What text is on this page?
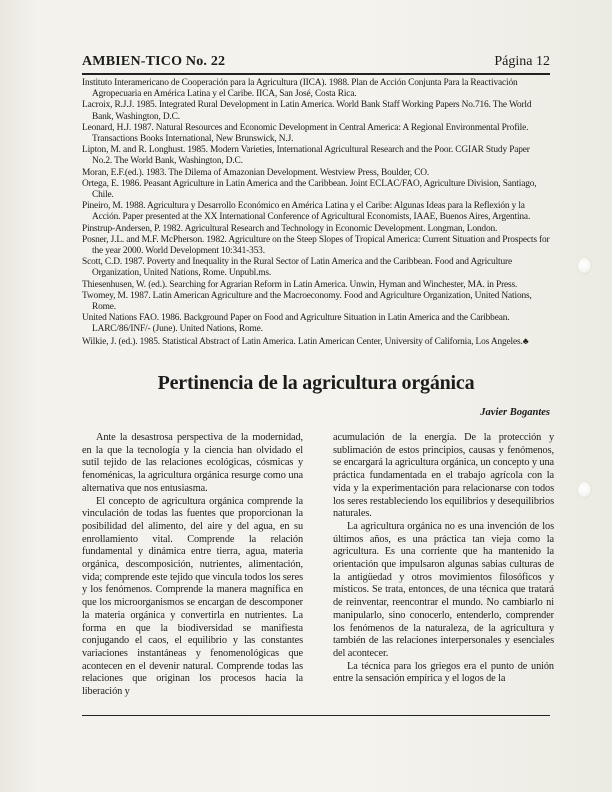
AMBIEN-TICO No. 22	Página 12

Instituto Interamericano de Cooperación para la Agricultura (IICA). 1988. Plan de Acción Conjunta Para la Reactivación Agropecuaria en América Latina y el Caribe. IICA, San José, Costa Rica.

Lacroix, R.J.J. 1985. Integrated Rural Development in Latin America. World Bank Staff Working Papers No.716. The World Bank, Washington, D.C.

Leonard, H.J. 1987. Natural Resources and Economic Development in Central America: A Regional Environmental Profile. Transactions Books International, New Brunswick, N.J.

Lipton, M. and R. Longhust. 1985. Modern Varieties, International Agricultural Research and the Poor. CGIAR Study Paper No.2. The World Bank, Washington, D.C.

Moran, E.F.(ed.). 1983. The Dilema of Amazonian Development. Westview Press, Boulder, CO.

Ortega, E. 1986. Peasant Agriculture in Latin America and the Caribbean. Joint ECLAC/FAO, Agriculture Division, Santiago, Chile.

Pineiro, M. 1988. Agricultura y Desarrollo Económico en América Latina y el Caribe: Algunas Ideas para la Reflexión y la Acción. Paper presented at the XX International Conference of Agricultural Economists, IAAE, Buenos Aires, Argentina.

Pinstrup-Andersen, P. 1982. Agricultural Research and Technology in Economic Development. Longman, London.

Posner, J.L. and M.F. McPherson. 1982. Agriculture on the Steep Slopes of Tropical America: Current Situation and Prospects for the year 2000. World Development 10:341-353.

Scott, C.D. 1987. Poverty and Inequality in the Rural Sector of Latin America and the Caribbean. Food and Agriculture Organization, United Nations, Rome. Unpubl.ms.

Thiesenhusen, W. (ed.). Searching for Agrarian Reform in Latin America. Unwin, Hyman and Winchester, MA. in Press.

Twomey, M. 1987. Latin American Agriculture and the Macroeconomy. Food and Agriculture Organization, United Nations, Rome.

United Nations FAO. 1986. Background Paper on Food and Agriculture Situation in Latin America and the Caribbean. LARC/86/INF/- (June). United Nations, Rome.

Wilkie, J. (ed.). 1985. Statistical Abstract of Latin America. Latin American Center, University of California, Los Angeles.♣

Pertinencia de la agricultura orgánica
Javier Bogantes

Ante la desastrosa perspectiva de la modernidad, en la que la tecnología y la ciencia han olvidado el sutil tejido de las relaciones ecológicas, cósmicas y fenoménicas, la agricultura orgánica resurge como una alternativa que nos entusiasma.

El concepto de agricultura orgánica comprende la vinculación de todas las fuentes que proporcionan la posibilidad del alimento, del aire y del agua, en su enrollamiento vital. Comprende la relación fundamental y dinámica entre tierra, agua, materia orgánica, descomposición, nutrientes, alimentación, vida; comprende este tejido que vincula todos los seres y los fenómenos. Comprende la manera magnífica en que los microorganismos se encargan de descomponer la materia orgánica y convertirla en nutrientes. La forma en que la biodiversidad se manifiesta conjugando el caos, el equilibrio y las constantes variaciones instantáneas y fenomenológicas que acontecen en el devenir natural. Comprende todas las relaciones que originan los procesos hacia la liberación y

acumulación de la energía. De la protección y sublimación de estos principios, causas y fenómenos, se encargará la agricultura orgánica, un concepto y una práctica fundamentada en el trabajo agrícola con la vida y la experimentación para relacionarse con todos los seres restableciendo los equilibrios y desequilibrios naturales.

La agricultura orgánica no es una invención de los últimos años, es una práctica tan vieja como la agricultura. Es una corriente que ha mantenido la orientación que impulsaron algunas sabias culturas de la antigüedad y otros movimientos filosóficos y místicos. Se trata, entonces, de una técnica que tratará de reinventar, reencontrar el mundo. No cambiarlo ni manipularlo, sino conocerlo, entenderlo, comprender los fenómenos de la naturaleza, de la agricultura y también de las relaciones interpersonales y esenciales del acontecer.

La técnica para los griegos era el punto de unión entre la sensación empírica y el logos de la
